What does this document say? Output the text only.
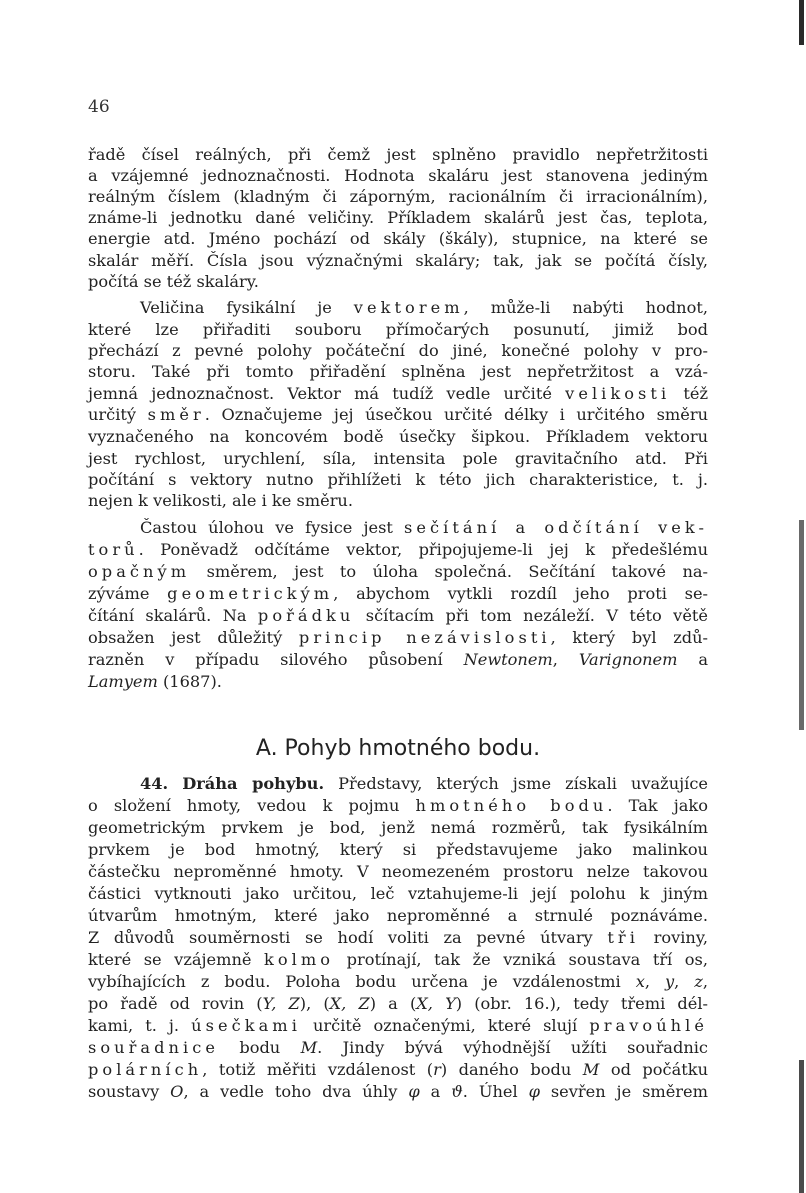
46
řadě čísel reálných, při čemž jest splněno pravidlo nepřetržitosti
a vzájemné jednoznačnosti. Hodnota skaláru jest stanovena jediným
reálným číslem (kladným či záporným, racionálním či irracionálním),
známe-li jednotku dané veličiny. Příkladem skalárů jest čas, teplota,
energie atd. Jméno pochází od skály (škály), stupnice, na které se
skalár měří. Čísla jsou význačnými skaláry; tak, jak se počítá čísly,
počítá se též skaláry.
Veličina fysikální je vektorem, může-li nabýti hodnot,
které lze přiřaditi souboru přímočarých posunutí, jimiž bod
přechází z pevné polohy počáteční do jiné, konečné polohy v pro-
storu. Také při tomto přiřadění splněna jest nepřetržitost a vzá-
jemná jednoznačnost. Vektor má tudíž vedle určité velikosti též
určitý směr. Označujeme jej úsečkou určité délky i určitého směru
vyznačeného na koncovém bodě úsečky šipkou. Příkladem vektoru
jest rychlost, urychlení, síla, intensita pole gravitačního atd. Při
počítání s vektory nutno přihlížeti k této jich charakteristice, t. j.
nejen k velikosti, ale i ke směru.
Častou úlohou ve fysice jest sečítání a odčítání vek-
torů. Poněvadž odčítáme vektor, připojujeme-li jej k předešlému
opačným směrem, jest to úloha společná. Sečítání takové na-
zýváme geometrickým, abychom vytkli rozdíl jeho proti se-
čítání skalárů. Na pořádku sčítacím při tom nezáleží. V této větě
obsažen jest důležitý princip nezávislosti, který byl zdů-
razněn v případu silového působení Newtonem, Varignonem a
Lamyem (1687).
A. Pohyb hmotného bodu.
44. Dráha pohybu. Představy, kterých jsme získali uvažujíce
o složení hmoty, vedou k pojmu hmotného bodu. Tak jako
geometrickým prvkem je bod, jenž nemá rozměrů, tak fysikálním
prvkem je bod hmotný, který si představujeme jako malinkou
částečku neproměnné hmoty. V neomezeném prostoru nelze takovou
částici vytknouti jako určitou, leč vztahujeme-li její polohu k jiným
útvarům hmotným, které jako neproměnné a strnulé poznáváme.
Z důvodů souměrnosti se hodí voliti za pevné útvary tři roviny,
které se vzájemně kolmo protínají, tak že vzniká soustava tří os,
vybíhajících z bodu. Poloha bodu určena je vzdálenostmi x, y, z,
po řadě od rovin (Y, Z), (X, Z) a (X, Y) (obr. 16.), tedy třemi dél-
kami, t. j. úsečkami určitě označenými, které slují pravoúhlé
souřadnice bodu M. Jindy bývá výhodnější užíti souřadnic
polárních, totiž měřiti vzdálenost (r) daného bodu M od počátku
soustavy O, a vedle toho dva úhly φ a ϑ. Úhel φ sevřen je směrem
